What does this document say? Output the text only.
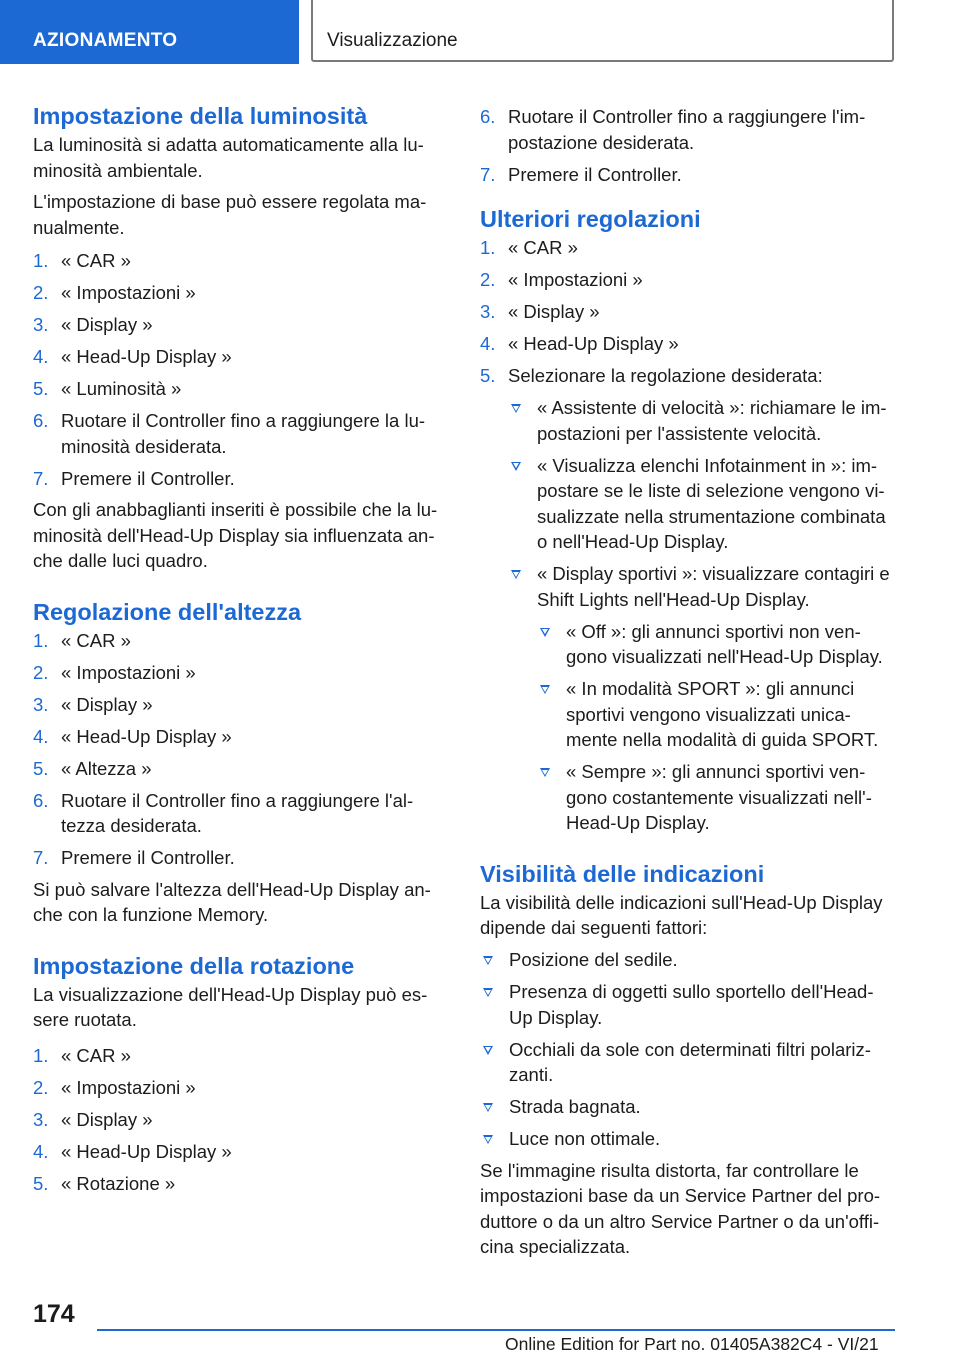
AZIONAMENTO	Visualizzazione
Impostazione della luminosità

La luminosità si adatta automaticamente alla lu‐ minosità ambientale.

L'impostazione di base può essere regolata ma‐ nualmente.

1. « CAR »
2. « Impostazioni »
3. « Display »
4. « Head-Up Display »
5. « Luminosità »
6. Ruotare il Controller fino a raggiungere la lu‐ minosità desiderata.
7. Premere il Controller.

Con gli anabbaglianti inseriti è possibile che la lu‐ minosità dell'Head-Up Display sia influenzata an‐ che dalle luci quadro.

Regolazione dell'altezza
1. « CAR »
2. « Impostazioni »
3. « Display »
4. « Head-Up Display »
5. « Altezza »
6. Ruotare il Controller fino a raggiungere l'al‐ tezza desiderata.
7. Premere il Controller.

Si può salvare l'altezza dell'Head-Up Display an‐ che con la funzione Memory.

Impostazione della rotazione

La visualizzazione dell'Head-Up Display può es‐ sere ruotata.

1. « CAR »
2. « Impostazioni »
3. « Display »
4. « Head-Up Display »
5. « Rotazione »
6. Ruotare il Controller fino a raggiungere l'im‐ postazione desiderata.
7. Premere il Controller.
Ulteriori regolazioni
1. « CAR »
2. « Impostazioni »
3. « Display »
4. « Head-Up Display »
5. Selezionare la regolazione desiderata:
« Assistente di velocità »: richiamare le im‐ postazioni per l'assistente velocità.
« Visualizza elenchi Infotainment in »: im‐ postare se le liste di selezione vengono vi‐ sualizzate nella strumentazione combinata o nell'Head-Up Display.
« Display sportivi »: visualizzare contagiri e Shift Lights nell'Head-Up Display.
« Off »: gli annunci sportivi non ven‐ gono visualizzati nell'Head-Up Display.
« In modalità SPORT »: gli annunci sportivi vengono visualizzati unica‐ mente nella modalità di guida SPORT.
« Sempre »: gli annunci sportivi ven‐ gono costantemente visualizzati nell'‐ Head-Up Display.
Visibilità delle indicazioni

La visibilità delle indicazioni sull'Head-Up Display dipende dai seguenti fattori:

Posizione del sedile.
Presenza di oggetti sullo sportello dell'Head- Up Display.
Occhiali da sole con determinati filtri polariz‐ zanti.
Strada bagnata.
Luce non ottimale.

Se l'immagine risulta distorta, far controllare le impostazioni base da un Service Partner del pro‐ duttore o da un altro Service Partner o da un'offi‐ cina specializzata.

174
Online Edition for Part no. 01405A382C4 - VI/21
